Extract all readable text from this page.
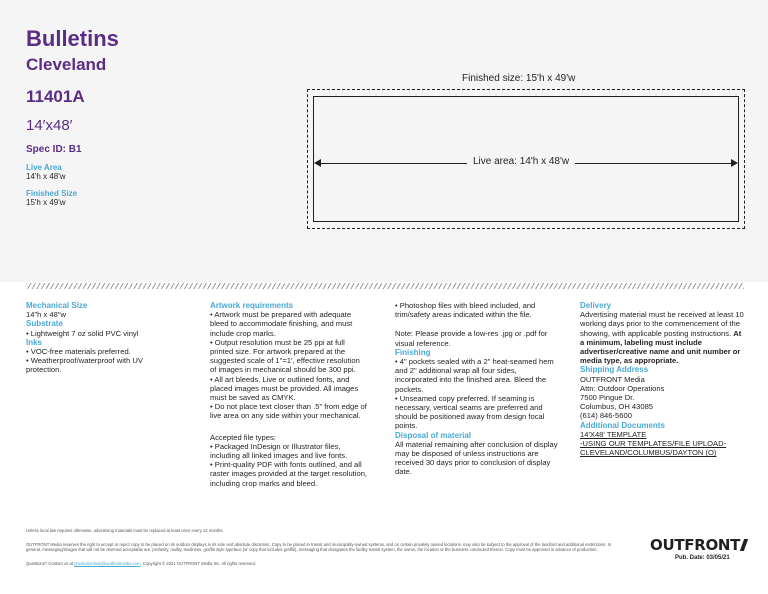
Bulletins
Cleveland
11401A
14′x48′
Spec ID: B1
Live Area
14'h x 48'w
Finished Size
15'h x 49'w
Finished size: 15'h x 49'w
Live area: 14'h x 48'w

Mechanical Size

14"h x 48"w

Substrate

• Lightweight 7 oz solid PVC vinyl

Inks

• VOC-free materials preferred.

• Weatherproof/waterproof with UV protection.

Artwork requirements

• Artwork must be prepared with adequate bleed to accommodate finishing, and must include crop marks.

• Output resolution must be 25 ppi at full printed size. For artwork prepared at the suggested scale of 1"=1', effective resolution of images in mechanical should be 300 ppi.

• All art bleeds. Live or outlined fonts, and placed images must be provided. All images must be saved as CMYK.

• Do not place text closer than .5" from edge of live area on any side within your mechanical.

Accepted file types:

• Packaged InDesign or Illustrator files, including all linked images and live fonts.

• Print-quality PDF with fonts outlined, and all raster images provided at the target resolution, including crop marks and bleed.

• Photoshop files with bleed included, and trim/safety areas indicated within the file.

Note: Please provide a low-res .jpg or .pdf for visual reference.

Finishing

• 4" pockets sealed with a 2" heat-seamed hem and 2" additional wrap all four sides, incorporated into the finished area. Bleed the pockets.

• Unseamed copy preferred. If seaming is necessary, vertical seams are preferred and should be positioned away from design focal points.

Disposal of material

All material remaining after conclusion of display may be disposed of unless instructions are received 30 days prior to conclusion of display date.

Delivery

Advertising material must be received at least 10 working days prior to the commencement of the showing, with applicable posting instructions. At a minimum, labeling must include advertiser/creative name and unit number or media type, as appropriate.

Shipping Address

OUTFRONT Media

Attn: Outdoor Operations

7500 Pingue Dr.

Columbus, OH 43085

(614) 846-5600

Additional Documents

14'X48' TEMPLATE

-USING OUR TEMPLATES/FILE UPLOAD-

CLEVELAND/COLUMBUS/DAYTON (O)

Unless local law requires otherwise, advertising materials must be replaced at least once every 12 months.
OUTFRONT Media reserves the right to accept or reject copy to be placed on its outdoor displays in its sole and absolute discretion. Copy to be placed in transit and municipality-owned systems, and on certain privately owned locations, may also be subject to the approval of the landlord and additional restrictions. In general, messaging/images that will not be deemed acceptable are: profanity, nudity, lewdness, graffiti style typeface (or copy that includes graffiti), messaging that denigrates the facility transit system, the owner, the location or the business conducted therein. Copy must be approved in advance of production.
Questions? Contact us at productionhelp@outfrontmedia.com. Copyright © 2021 OUTFRONT Media Inc. All rights reserved.
OUTFRONT
Pub. Date: 03/05/21
